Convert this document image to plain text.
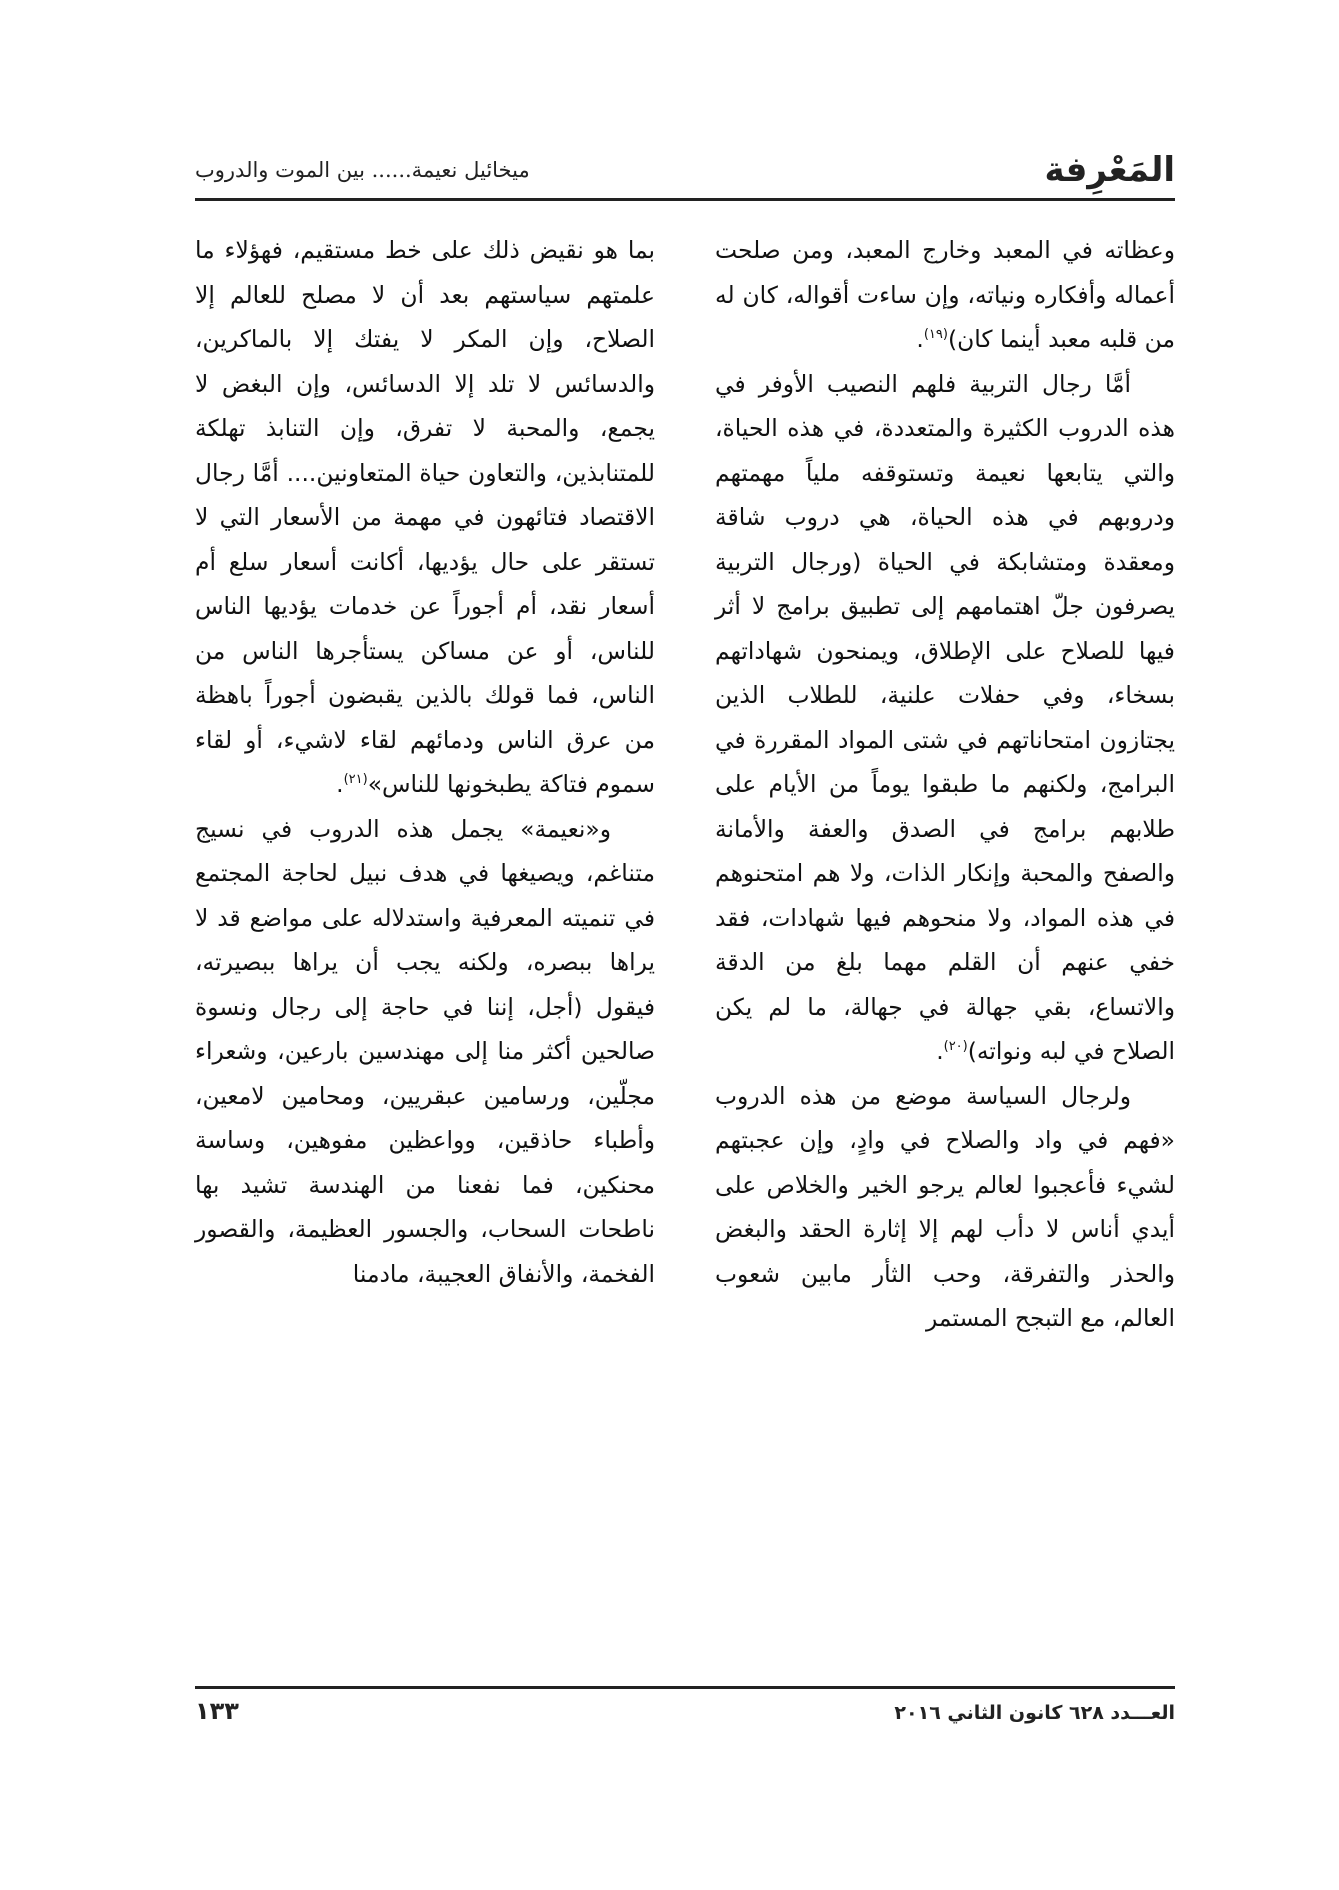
المَعْرِفة
ميخائيل نعيمة...... بين الموت والدروب

وعظاته في المعبد وخارج المعبد، ومن صلحت أعماله وأفكاره ونياته، وإن ساءت أقواله، كان له من قلبه معبد أينما كان)$^{(١٩)}$.

أمَّا رجال التربية فلهم النصيب الأوفر في هذه الدروب الكثيرة والمتعددة، في هذه الحياة، والتي يتابعها نعيمة وتستوقفه ملياً مهمتهم ودروبهم في هذه الحياة، هي دروب شاقة ومعقدة ومتشابكة في الحياة (ورجال التربية يصرفون جلّ اهتمامهم إلى تطبيق برامج لا أثر فيها للصلاح على الإطلاق، ويمنحون شهاداتهم بسخاء، وفي حفلات علنية، للطلاب الذين يجتازون امتحاناتهم في شتى المواد المقررة في البرامج، ولكنهم ما طبقوا يوماً من الأيام على طلابهم برامج في الصدق والعفة والأمانة والصفح والمحبة وإنكار الذات، ولا هم امتحنوهم في هذه المواد، ولا منحوهم فيها شهادات، فقد خفي عنهم أن القلم مهما بلغ من الدقة والاتساع، بقي جهالة في جهالة، ما لم يكن الصلاح في لبه ونواته)$^{(٢٠)}$.

ولرجال السياسة موضع من هذه الدروب «فهم في واد والصلاح في وادٍ، وإن عجبتهم لشيء فأعجبوا لعالم يرجو الخير والخلاص على أيدي أناس لا دأب لهم إلا إثارة الحقد والبغض والحذر والتفرقة، وحب الثأر مابين شعوب العالم، مع التبجح المستمر

بما هو نقيض ذلك على خط مستقيم، فهؤلاء ما علمتهم سياستهم بعد أن لا مصلح للعالم إلا الصلاح، وإن المكر لا يفتك إلا بالماكرين، والدسائس لا تلد إلا الدسائس، وإن البغض لا يجمع، والمحبة لا تفرق، وإن التنابذ تهلكة للمتنابذين، والتعاون حياة المتعاونين.... أمَّا رجال الاقتصاد فتائهون في مهمة من الأسعار التي لا تستقر على حال يؤديها، أكانت أسعار سلع أم أسعار نقد، أم أجوراً عن خدمات يؤديها الناس للناس، أو عن مساكن يستأجرها الناس من الناس، فما قولك بالذين يقبضون أجوراً باهظة من عرق الناس ودمائهم لقاء لاشيء، أو لقاء سموم فتاكة يطبخونها للناس»$^{(٢١)}$.

و«نعيمة» يجمل هذه الدروب في نسيج متناغم، ويصيغها في هدف نبيل لحاجة المجتمع في تنميته المعرفية واستدلاله على مواضع قد لا يراها ببصره، ولكنه يجب أن يراها ببصيرته، فيقول (أجل، إننا في حاجة إلى رجال ونسوة صالحين أكثر منا إلى مهندسين بارعين، وشعراء مجلّين، ورسامين عبقريين، ومحامين لامعين، وأطباء حاذقين، وواعظين مفوهين، وساسة محنكين، فما نفعنا من الهندسة تشيد بها ناطحات السحاب، والجسور العظيمة، والقصور الفخمة، والأنفاق العجيبة، مادمنا

العـــدد ٦٢٨ كانون الثاني ٢٠١٦
١٣٣
